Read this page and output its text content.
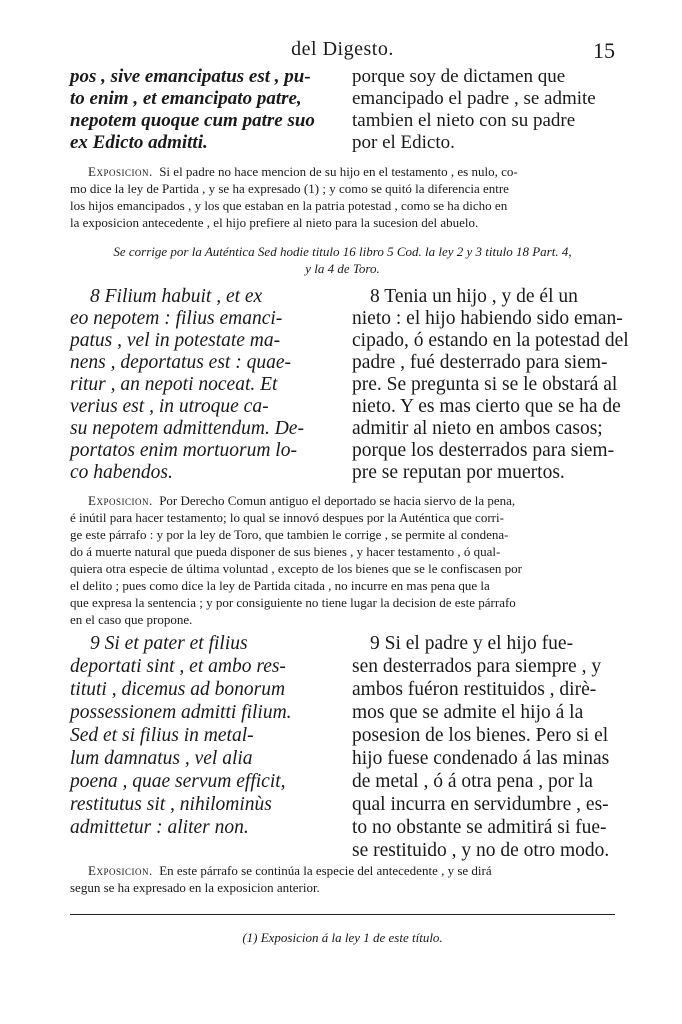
del Digesto.	15
pos , sive emancipatus est , pu-
to enim , et emancipato patre,
nepotem quoque cum patre suo
ex Edicto admitti.
porque soy de dictamen que
emancipado el padre , se admite
tambien el nieto con su padre
por el Edicto.
Exposicion. Si el padre no hace mencion de su hijo en el testamento , es nulo, co-
mo dice la ley de Partida , y se ha expresado (1) ; y como se quitó la diferencia entre
los hijos emancipados , y los que estaban en la patria potestad , como se ha dicho en
la exposicion antecedente , el hijo prefiere al nieto para la sucesion del abuelo.
Se corrige por la Auténtica Sed hodie titulo 16 libro 5 Cod. la ley 2 y 3 titulo 18 Part. 4,
y la 4 de Toro.
8 Filium habuit , et ex
eo nepotem : filius emanci-
patus , vel in potestate ma-
nens , deportatus est : quae-
ritur , an nepoti noceat. Et
verius est , in utroque ca-
su nepotem admittendum. De-
portatos enim mortuorum lo-
co habendos.
8 Tenia un hijo , y de él un
nieto : el hijo habiendo sido eman-
cipado, ó estando en la potestad del
padre , fué desterrado para siem-
pre. Se pregunta si se le obstará al
nieto. Y es mas cierto que se ha de
admitir al nieto en ambos casos;
porque los desterrados para siem-
pre se reputan por muertos.
Exposicion. Por Derecho Comun antiguo el deportado se hacia siervo de la pena,
é inútil para hacer testamento; lo qual se innovó despues por la Auténtica que corri-
ge este párrafo : y por la ley de Toro, que tambien le corrige , se permite al condena-
do á muerte natural que pueda disponer de sus bienes , y hacer testamento , ó qual-
quiera otra especie de última voluntad , excepto de los bienes que se le confiscasen por
el delito ; pues como dice la ley de Partida citada , no incurre en mas pena que la
que expresa la sentencia ; y por consiguiente no tiene lugar la decision de este párrafo
en el caso que propone.
9 Si et pater et filius
deportati sint , et ambo res-
tituti , dicemus ad bonorum
possessionem admitti filium.
Sed et si filius in metal-
lum damnatus , vel alia
poena , quae servum efficit,
restitutus sit , nihilominùs
admittetur : aliter non.
9 Si el padre y el hijo fue-
sen desterrados para siempre , y
ambos fuéron restituidos , dirè-
mos que se admite el hijo á la
posesion de los bienes. Pero si el
hijo fuese condenado á las minas
de metal , ó á otra pena , por la
qual incurra en servidumbre , es-
to no obstante se admitirá si fue-
se restituido , y no de otro modo.
Exposicion. En este párrafo se continúa la especie del antecedente , y se dirá
segun se ha expresado en la exposicion anterior.
(1) Exposicion á la ley 1 de este título.
